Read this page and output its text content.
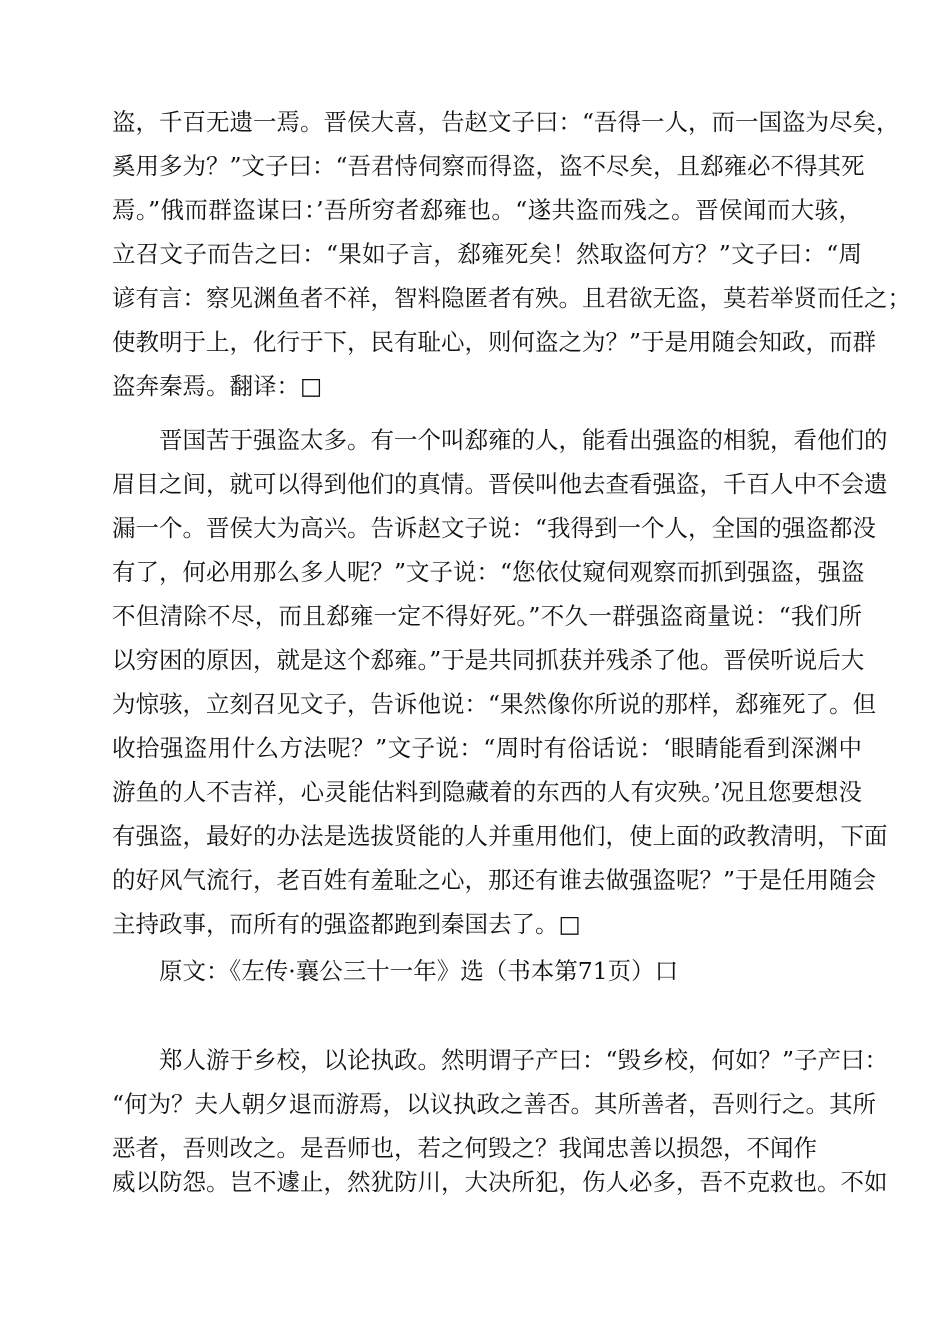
盗，千百无遗一焉。晋侯大喜，告赵文子曰：“吾得一人，而一国盗为尽矣，
奚用多为？”文子曰：“吾君恃伺察而得盗，盗不尽矣，且郄雍必不得其死
焉。”俄而群盗谋曰：’吾所穷者郄雍也。“遂共盗而残之。晋侯闻而大骇，
立召文子而告之曰：“果如子言，郄雍死矣！然取盗何方？”文子曰：“周
谚有言：察见渊鱼者不祥，智料隐匿者有殃。且君欲无盗，莫若举贤而任之；
使教明于上，化行于下，民有耻心，则何盗之为？”于是用随会知政，而群
盗奔秦焉。翻译：□
晋国苦于强盗太多。有一个叫郄雍的人，能看出强盗的相貌，看他们的
眉目之间，就可以得到他们的真情。晋侯叫他去查看强盗，千百人中不会遗
漏一个。晋侯大为高兴。告诉赵文子说：“我得到一个人，全国的强盗都没
有了，何必用那么多人呢？”文子说：“您依仗窥伺观察而抓到强盗，强盗
不但清除不尽，而且郄雍一定不得好死。”不久一群强盗商量说：“我们所
以穷困的原因，就是这个郄雍。”于是共同抓获并残杀了他。晋侯听说后大
为惊骇，立刻召见文子，告诉他说：“果然像你所说的那样，郄雍死了。但
收拾强盗用什么方法呢？”文子说：“周时有俗话说：‘眼睛能看到深渊中
游鱼的人不吉祥，心灵能估料到隐藏着的东西的人有灾殃。’况且您要想没
有强盗，最好的办法是选拔贤能的人并重用他们，使上面的政教清明，下面
的好风气流行，老百姓有羞耻之心，那还有谁去做强盗呢？”于是任用随会
主持政事，而所有的强盗都跑到秦国去了。□
原文：《左传·襄公三十一年》选（书本第71页）口
郑人游于乡校，以论执政。然明谓子产曰：“毁乡校，何如？”子产曰：
“何为？夫人朝夕退而游焉，以议执政之善否。其所善者，吾则行之。其所
恶者，吾则改之。是吾师也，若之何毁之？我闻忠善以损怨，不闻作
威以防怨。岂不遽止，然犹防川，大决所犯，伤人必多，吾不克救也。不如
